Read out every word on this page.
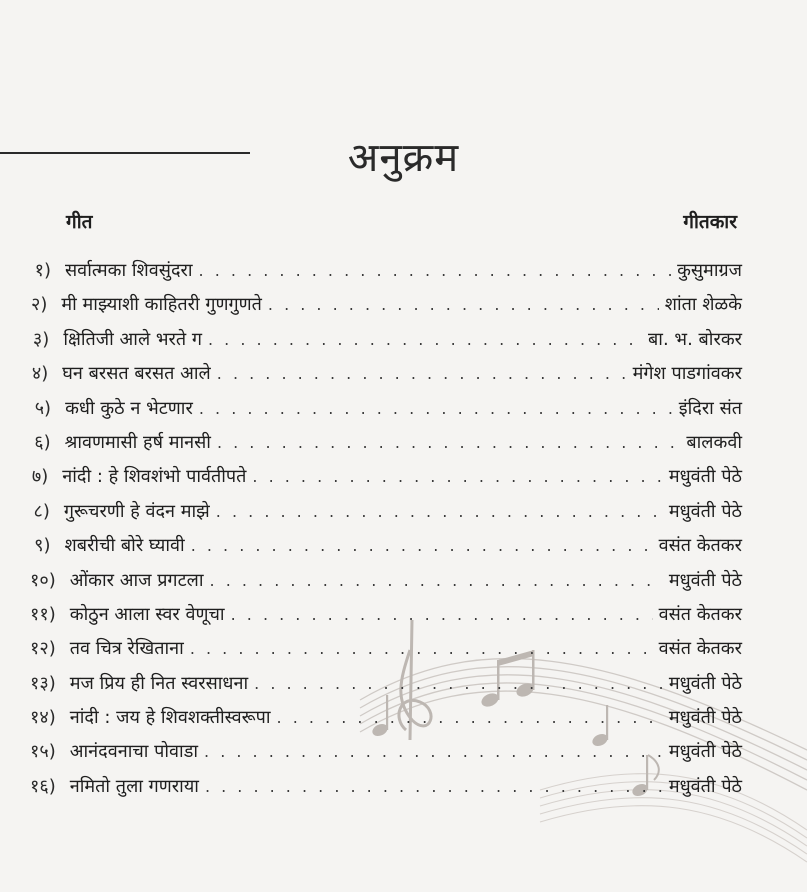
अनुक्रम
गीत	गीतकार
१) सर्वात्मका शिवसुंदरा . . .	कुसुमाग्रज
२) मी माझ्याशी काहितरी गुणगुणते . . .	शांता शेळके
३) क्षितिजी आले भरते ग . . .	बा. भ. बोरकर
४) घन बरसत बरसत आले . . .	मंगेश पाडगांवकर
५) कधी कुठे न भेटणार . . .	इंदिरा संत
६) श्रावणमासी हर्ष मानसी . . .	बालकवी
७) नांदी : हे शिवशंभो पार्वतीपते . . .	मधुवंती पेठे
८) गुरूचरणी हे वंदन माझे . . .	मधुवंती पेठे
९) शबरीची बोरे घ्यावी . . .	वसंत केतकर
१०) ओंकार आज प्रगटला . . .	मधुवंती पेठे
११) कोठुन आला स्वर वेणूचा . . .	वसंत केतकर
१२) तव चित्र रेखिताना . . .	वसंत केतकर
१३) मज प्रिय ही नित स्वरसाधना . . .	मधुवंती पेठे
१४) नांदी : जय हे शिवशक्तीस्वरूपा . . .	मधुवंती पेठे
१५) आनंदवनाचा पोवाडा . . .	मधुवंती पेठे
१६) नमितो तुला गणराया . . .	मधुवंती पेठे
